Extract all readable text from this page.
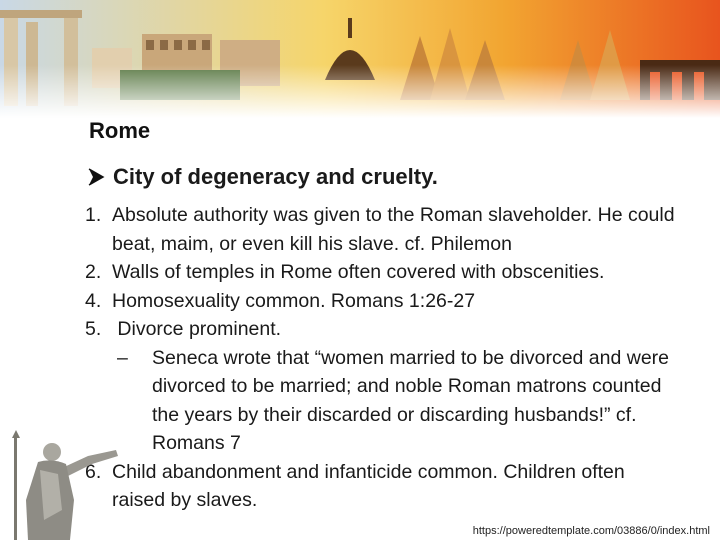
Rome
City of degeneracy and cruelty.
1. Absolute authority was given to the Roman slaveholder. He could beat, maim, or even kill his slave. cf. Philemon
2. Walls of temples in Rome often covered with obscenities.
4. Homosexuality common. Romans 1:26-27
5. Divorce prominent.
–	Seneca wrote that “women married to be divorced and were divorced to be married; and noble Roman matrons counted the years by their discarded or discarding husbands!” cf. Romans 7
6. Child abandonment and infanticide common. Children often raised by slaves.
https://poweredtemplate.com/03886/0/index.html
